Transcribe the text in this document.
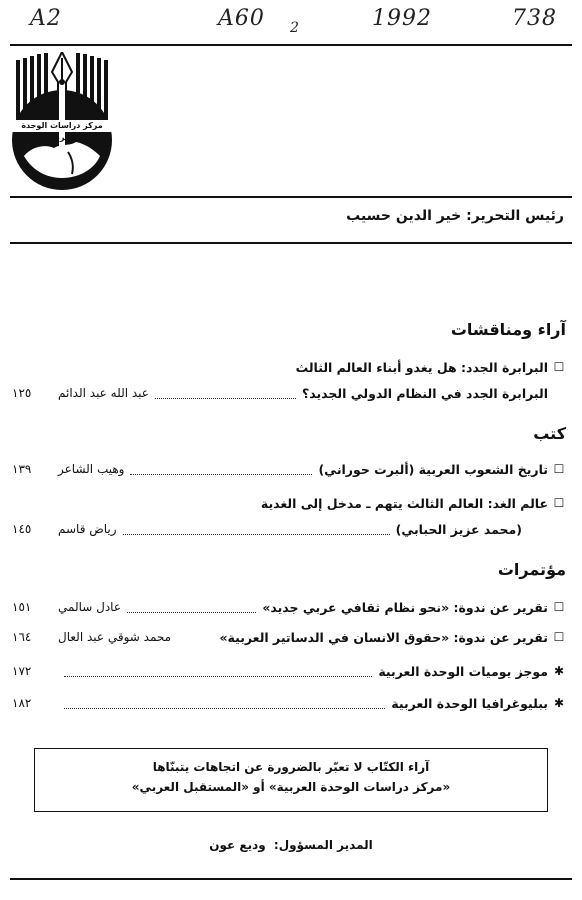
A2	A60 2	1992	738
مركز دراسات الوحدة العربية
رئيس التحرير: خير الدين حسيب
آراء ومناقشات
☐
البرابرة الجدد: هل يغدو أبناء العالم الثالث
البرابرة الجدد في النظام الدولي الجديد؟
عبد الله عبد الدائم
١٢٥
كتب
☐
تاريخ الشعوب العربية (ألبرت حوراني)
وهيب الشاعر
١٣٩
☐
عالم الغد: العالم الثالث يتهم ـ مدخل إلى الغدية
(محمد عزيز الحبابي)
رياض قاسم
١٤٥
مؤتمرات
☐
تقرير عن ندوة: «نحو نظام ثقافي عربي جديد»
عادل سالمي
١٥١
☐
تقرير عن ندوة: «حقوق الانسان في الدساتير العربية»
محمد شوقي عبد العال
١٦٤
✱
موجز يوميات الوحدة العربية
١٧٢
✱
ببليوغرافيا الوحدة العربية
١٨٢
آراء الكتّاب لا تعبّر بالضرورة عن اتجاهات يتبنّاها
«مركز دراسات الوحدة العربية» أو «المستقبل العربي»
المدير المسؤول: وديع عون
